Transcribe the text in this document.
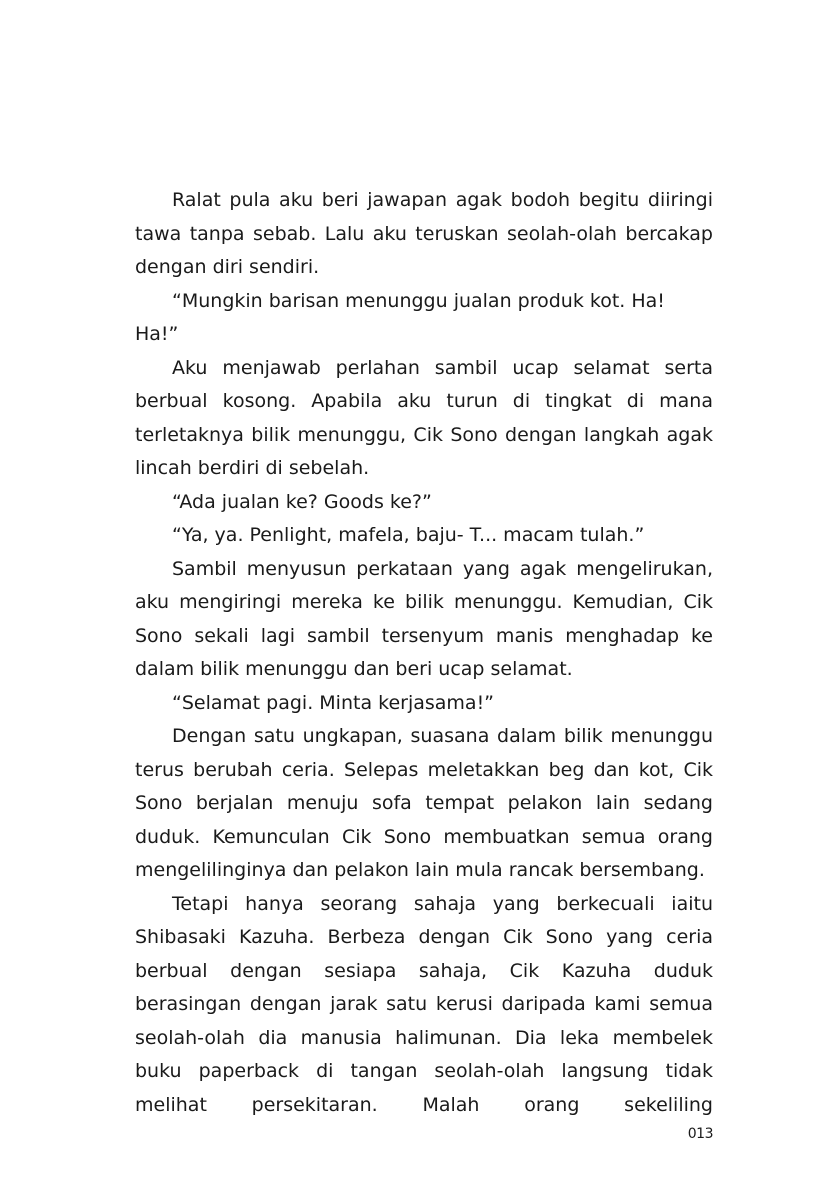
Ralat pula aku beri jawapan agak bodoh begitu diiringi tawa tanpa sebab. Lalu aku teruskan seolah-olah bercakap dengan diri sendiri.

“Mungkin barisan menunggu jualan produk kot. Ha! Ha!”

Aku menjawab perlahan sambil ucap selamat serta berbual kosong. Apabila aku turun di tingkat di mana terletaknya bilik menunggu, Cik Sono dengan langkah agak lincah berdiri di sebelah.

“Ada jualan ke? Goods ke?”

“Ya, ya. Penlight, mafela, baju- T... macam tulah.”

Sambil menyusun perkataan yang agak mengelirukan, aku mengiringi mereka ke bilik menunggu. Kemudian, Cik Sono sekali lagi sambil tersenyum manis menghadap ke dalam bilik menunggu dan beri ucap selamat.

“Selamat pagi. Minta kerjasama!”

Dengan satu ungkapan, suasana dalam bilik menunggu terus berubah ceria. Selepas meletakkan beg dan kot, Cik Sono berjalan menuju sofa tempat pelakon lain sedang duduk. Kemunculan Cik Sono membuatkan semua orang mengelilinginya dan pelakon lain mula rancak bersembang.

Tetapi hanya seorang sahaja yang berkecuali iaitu Shibasaki Kazuha. Berbeza dengan Cik Sono yang ceria berbual dengan sesiapa sahaja, Cik Kazuha duduk berasingan dengan jarak satu kerusi daripada kami semua seolah-olah dia manusia halimunan. Dia leka membelek buku paperback di tangan seolah-olah langsung tidak melihat persekitaran. Malah orang sekeliling

013
